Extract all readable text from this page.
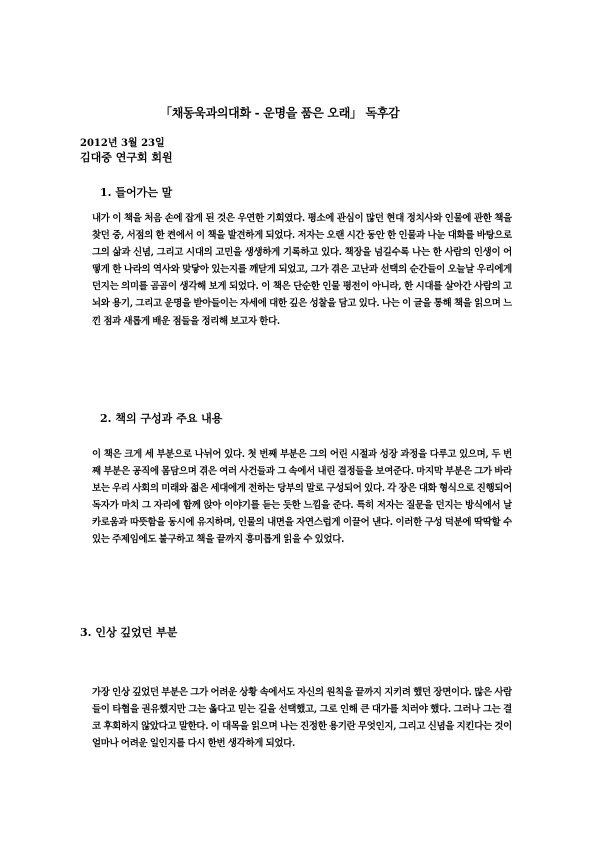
「채동욱과의대화 - 운명을 품은 오래」 독후감
2012년 3월 23일
김대중 연구회 회원
1. 들어가는 말
내가 이 책을 처음 손에 잡게 된 것은 우연한 기회였다. 평소에 관심이 많던 현대 정치사와 인물에 관한 책을 찾던 중, 서점의 한 켠에서 이 책을 발견하게 되었다. 저자는 오랜 시간 동안 한 인물과 나눈 대화를 바탕으로 그의 삶과 신념, 그리고 시대의 고민을 생생하게 기록하고 있다. 책장을 넘길수록 나는 한 사람의 인생이 어떻게 한 나라의 역사와 맞닿아 있는지를 깨닫게 되었고, 그가 겪은 고난과 선택의 순간들이 오늘날 우리에게 던지는 의미를 곰곰이 생각해 보게 되었다. 이 책은 단순한 인물 평전이 아니라, 한 시대를 살아간 사람의 고뇌와 용기, 그리고 운명을 받아들이는 자세에 대한 깊은 성찰을 담고 있다. 나는 이 글을 통해 책을 읽으며 느낀 점과 새롭게 배운 점들을 정리해 보고자 한다.
2. 책의 구성과 주요 내용
이 책은 크게 세 부분으로 나뉘어 있다. 첫 번째 부분은 그의 어린 시절과 성장 과정을 다루고 있으며, 두 번째 부분은 공직에 몸담으며 겪은 여러 사건들과 그 속에서 내린 결정들을 보여준다. 마지막 부분은 그가 바라보는 우리 사회의 미래와 젊은 세대에게 전하는 당부의 말로 구성되어 있다. 각 장은 대화 형식으로 진행되어 독자가 마치 그 자리에 함께 앉아 이야기를 듣는 듯한 느낌을 준다. 특히 저자는 질문을 던지는 방식에서 날카로움과 따뜻함을 동시에 유지하며, 인물의 내면을 자연스럽게 이끌어 낸다. 이러한 구성 덕분에 딱딱할 수 있는 주제임에도 불구하고 책을 끝까지 흥미롭게 읽을 수 있었다.
3. 인상 깊었던 부분
가장 인상 깊었던 부분은 그가 어려운 상황 속에서도 자신의 원칙을 끝까지 지키려 했던 장면이다. 많은 사람들이 타협을 권유했지만 그는 옳다고 믿는 길을 선택했고, 그로 인해 큰 대가를 치러야 했다. 그러나 그는 결코 후회하지 않았다고 말한다. 이 대목을 읽으며 나는 진정한 용기란 무엇인지, 그리고 신념을 지킨다는 것이 얼마나 어려운 일인지를 다시 한번 생각하게 되었다.
